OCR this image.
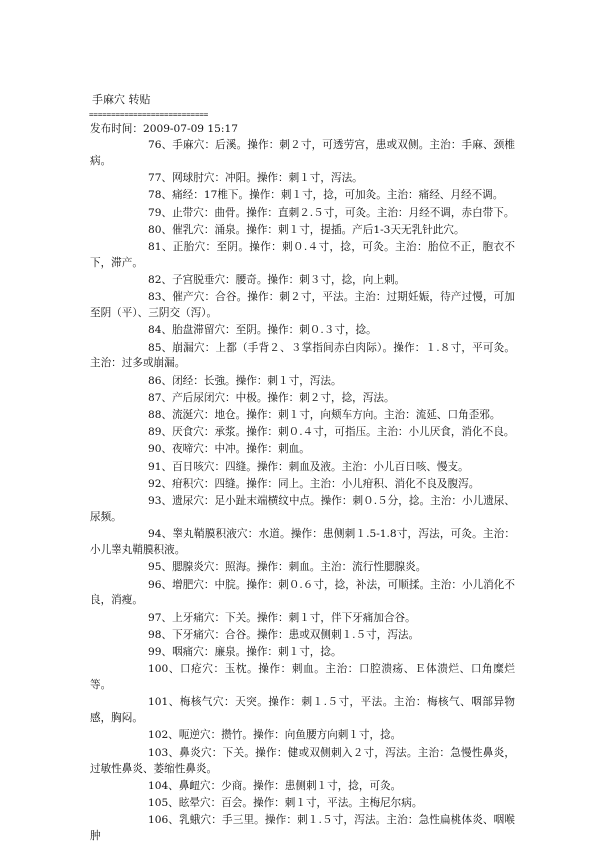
手麻穴 转贴
===========================
发布时间：2009-07-09 15:17

76、手麻穴：后溪。操作：刺２寸，可透劳宫，患或双侧。主治：手麻、颈椎病。

77、网球肘穴：冲阳。操作：刺１寸，泻法。

78、痛经：17椎下。操作：刺１寸，捻，可加灸。主治：痛经、月经不调。

79、止带穴：曲骨。操作：直刺２.５寸，可灸。主治：月经不调，赤白带下。

80、催乳穴：涌泉。操作：刺１寸，提插。产后1-3天无乳针此穴。

81、正胎穴：至阴。操作：刺０.４寸，捻，可灸。主治：胎位不正，胞衣不下，滞产。

82、子宫脱垂穴：腰奇。操作：刺３寸，捻，向上刺。

83、催产穴：合谷。操作：刺２寸，平法。主治：过期妊娠，待产过慢，可加至阴（平）、三阴交（泻）。

84、胎盘滞留穴：至阴。操作：刺０.３寸，捻。

85、崩漏穴：上都（手背２、３掌指间赤白肉际）。操作：１.８寸，平可灸。主治：过多或崩漏。

86、闭经：长強。操作：刺１寸，泻法。

87、产后尿闭穴：中极。操作：刺２寸，捻，泻法。

88、流涎穴：地仓。操作：刺１寸，向颊车方向。主治：流延、口角歪邪。

89、厌食穴：承浆。操作：刺０.４寸，可指压。主治：小儿厌食，消化不良。

90、夜啼穴：中冲。操作：刺血。

91、百日咳穴：四缝。操作：刺血及液。主治：小儿百日咳、慢支。

92、疳积穴：四缝。操作：同上。主治：小儿疳积、消化不良及腹泻。

93、遗尿穴：足小趾末端横纹中点。操作：刺０.５分，捻。主治：小儿遗尿、尿频。

94、睾丸鞘膜积液穴：水道。操作：患侧刺１.5-1.8寸，泻法，可灸。主治：小儿睾丸鞘膜积液。

95、腮腺炎穴：照海。操作：刺血。主治：流行性腮腺炎。

96、增肥穴：中脘。操作：刺０.６寸，捻，补法，可顺揉。主治：小儿消化不良，消瘦。

97、上牙痛穴：下关。操作：刺１寸，伴下牙痛加合谷。

98、下牙痛穴：合谷。操作：患或双侧刺１.５寸，泻法。

99、咽痛穴：廉泉。操作：刺１寸，捻。

100、口疮穴：玉枕。操作：刺血。主治：口腔溃疡、Ｅ体溃烂、口角糜烂等。

101、梅核气穴：天突。操作：刺１.５寸，平法。主治：梅核气、咽部异物感，胸闷。

102、呃逆穴：攒竹。操作：向鱼腰方向刺１寸，捻。

103、鼻炎穴：下关。操作：健或双侧刺入２寸，泻法。主治：急慢性鼻炎，过敏性鼻炎、萎缩性鼻炎。

104、鼻衄穴：少商。操作：患侧刺１寸，捻，可灸。

105、眩晕穴：百会。操作：刺１寸，平法。主梅尼尔病。

106、乳蛾穴：手三里。操作：刺１.５寸，泻法。主治：急性扁桃体炎、咽喉肿
